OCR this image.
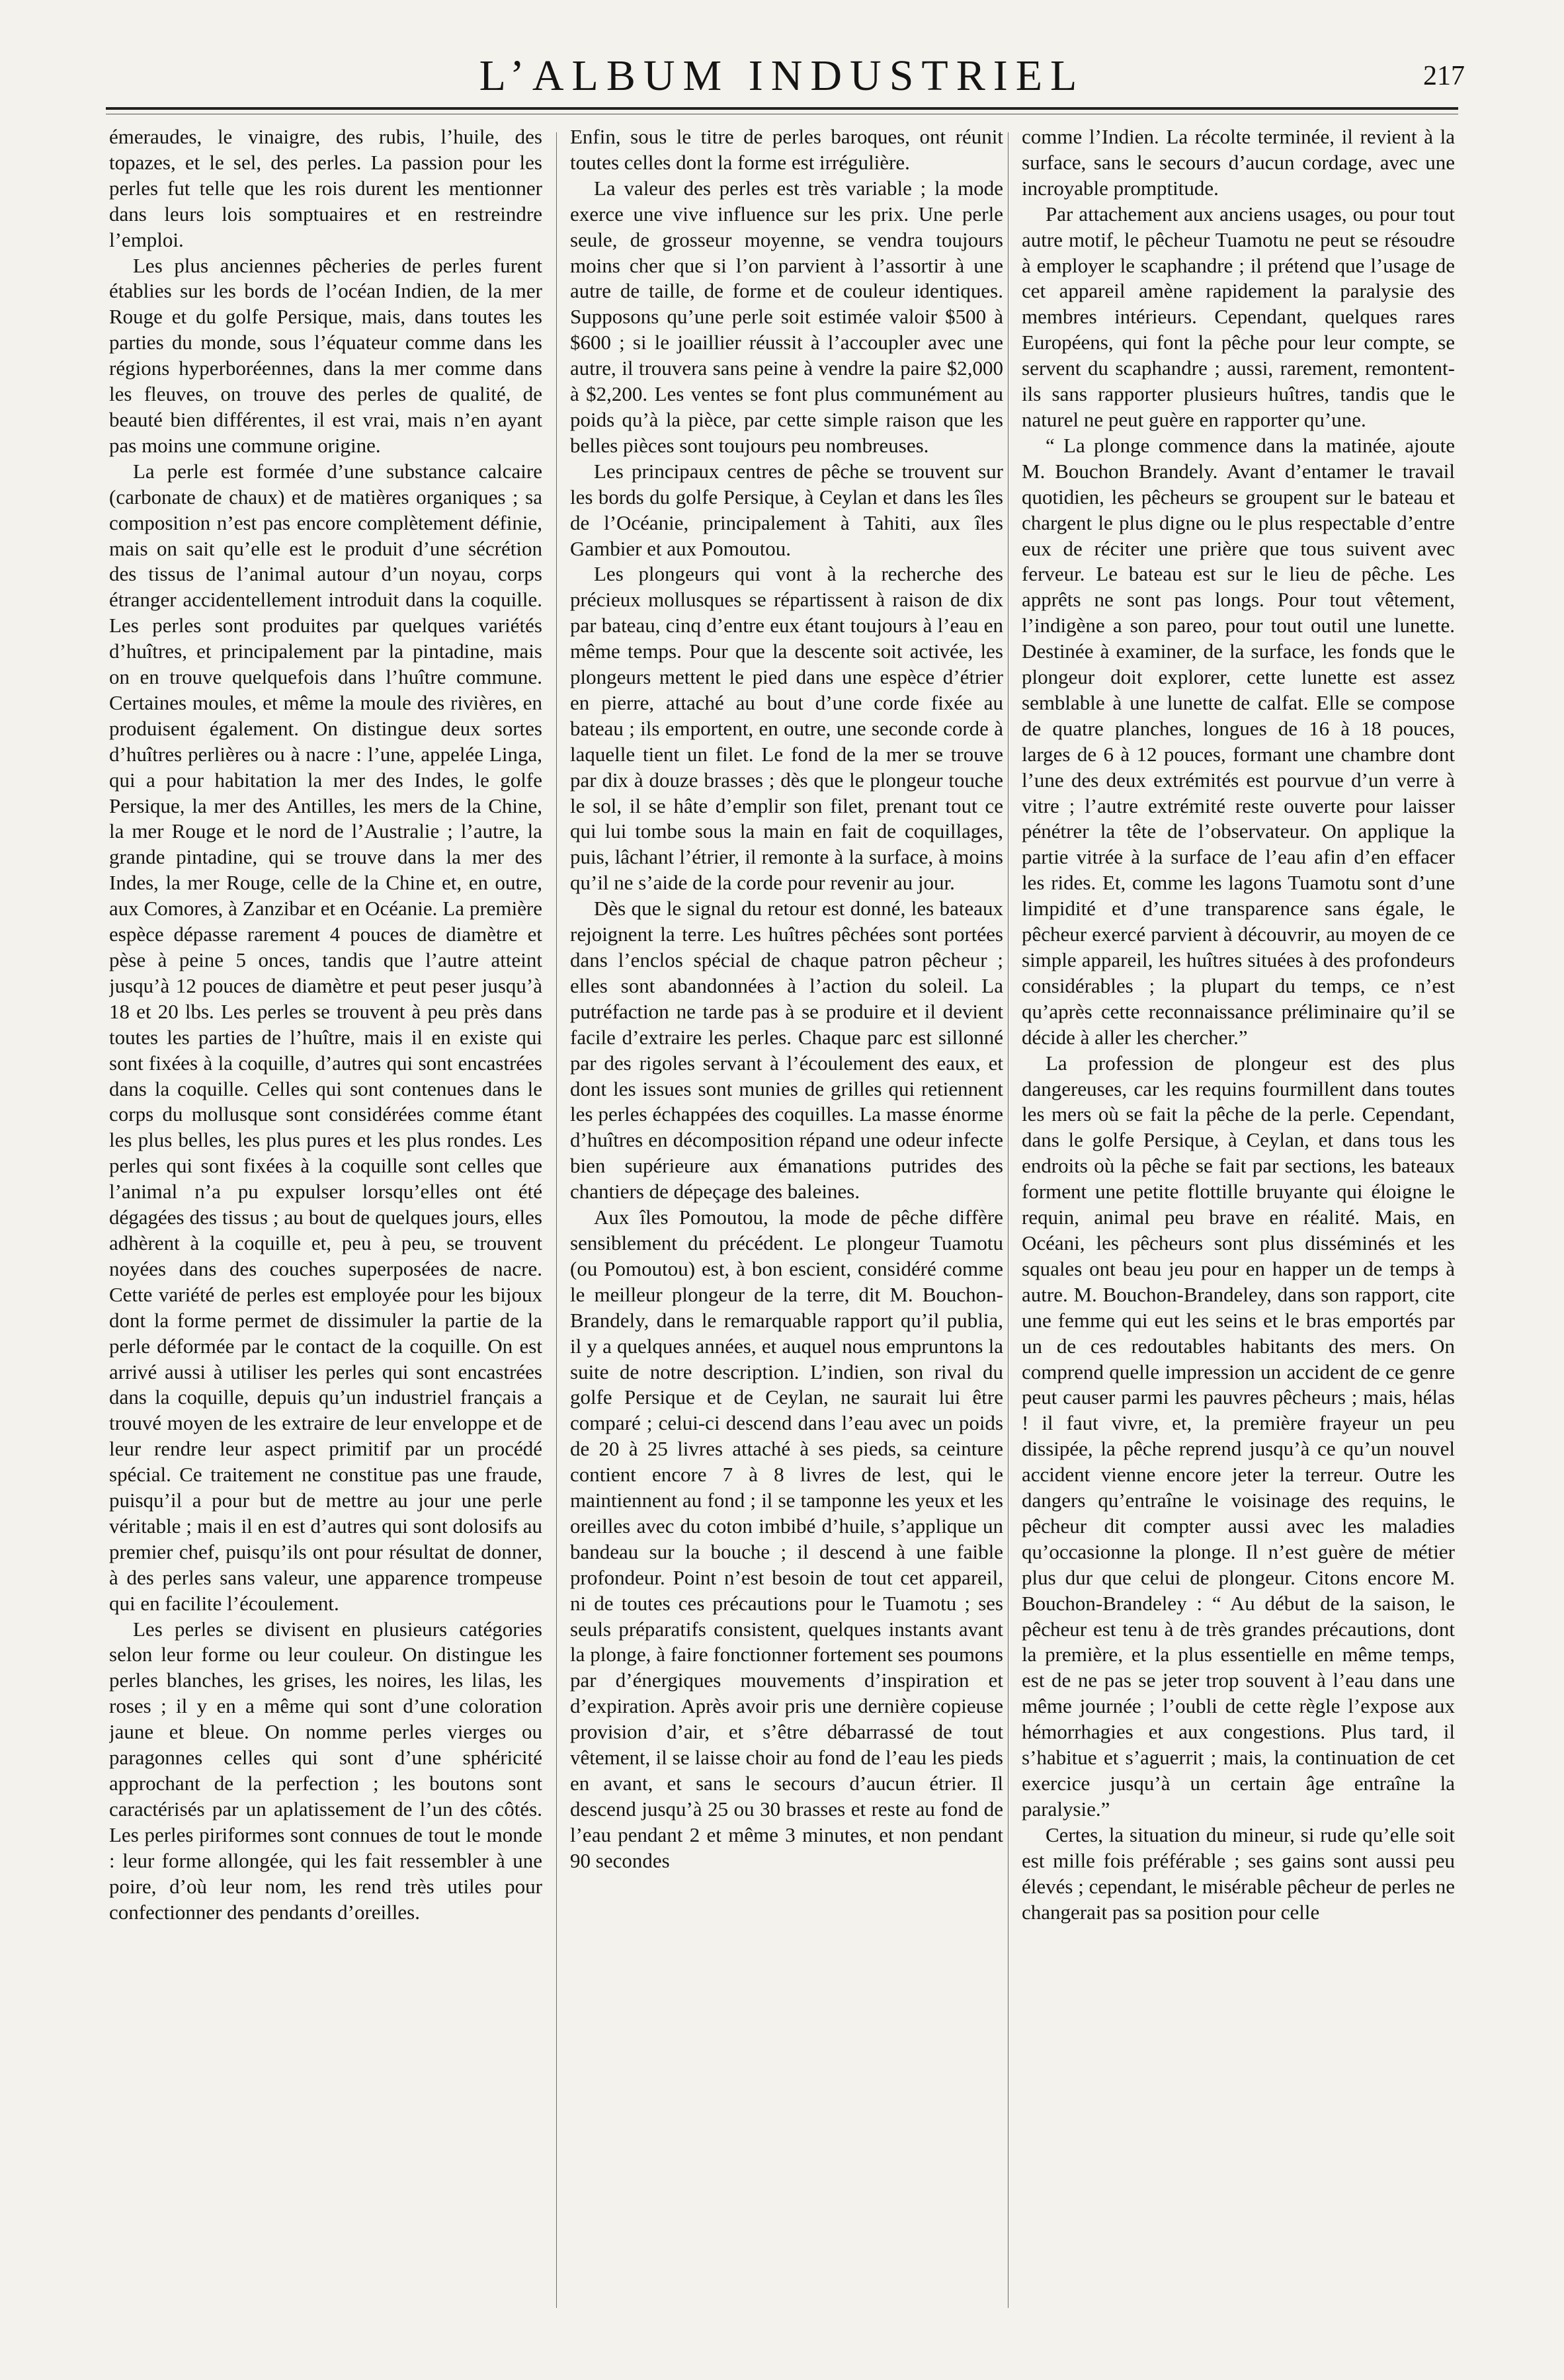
L’ALBUM INDUSTRIEL	217

émeraudes, le vinaigre, des rubis, l’huile, des topazes, et le sel, des perles. La passion pour les perles fut telle que les rois durent les mentionner dans leurs lois somptuaires et en restreindre l’emploi.

Les plus anciennes pêcheries de perles furent établies sur les bords de l’océan Indien, de la mer Rouge et du golfe Persique, mais, dans toutes les parties du monde, sous l’équateur comme dans les régions hyperboréennes, dans la mer comme dans les fleuves, on trouve des perles de qualité, de beauté bien différentes, il est vrai, mais n’en ayant pas moins une commune origine.

La perle est formée d’une substance calcaire (carbonate de chaux) et de matières organiques ; sa composition n’est pas encore complètement définie, mais on sait qu’elle est le produit d’une sécrétion des tissus de l’animal autour d’un noyau, corps étranger accidentellement introduit dans la coquille. Les perles sont produites par quelques variétés d’huîtres, et principalement par la pintadine, mais on en trouve quelquefois dans l’huître commune. Certaines moules, et même la moule des rivières, en produisent également. On distingue deux sortes d’huîtres perlières ou à nacre : l’une, appelée Linga, qui a pour habitation la mer des Indes, le golfe Persique, la mer des Antilles, les mers de la Chine, la mer Rouge et le nord de l’Australie ; l’autre, la grande pintadine, qui se trouve dans la mer des Indes, la mer Rouge, celle de la Chine et, en outre, aux Comores, à Zanzibar et en Océanie. La première espèce dépasse rarement 4 pouces de diamètre et pèse à peine 5 onces, tandis que l’autre atteint jusqu’à 12 pouces de diamètre et peut peser jusqu’à 18 et 20 lbs. Les perles se trouvent à peu près dans toutes les parties de l’huître, mais il en existe qui sont fixées à la coquille, d’autres qui sont encastrées dans la coquille. Celles qui sont contenues dans le corps du mollusque sont considérées comme étant les plus belles, les plus pures et les plus rondes. Les perles qui sont fixées à la coquille sont celles que l’animal n’a pu expulser lorsqu’elles ont été dégagées des tissus ; au bout de quelques jours, elles adhèrent à la coquille et, peu à peu, se trouvent noyées dans des couches superposées de nacre. Cette variété de perles est employée pour les bijoux dont la forme permet de dissimuler la partie de la perle déformée par le contact de la coquille. On est arrivé aussi à utiliser les perles qui sont encastrées dans la coquille, depuis qu’un industriel français a trouvé moyen de les extraire de leur enveloppe et de leur rendre leur aspect primitif par un procédé spécial. Ce traitement ne constitue pas une fraude, puisqu’il a pour but de mettre au jour une perle véritable ; mais il en est d’autres qui sont dolosifs au premier chef, puisqu’ils ont pour résultat de donner, à des perles sans valeur, une apparence trompeuse qui en facilite l’écoulement.

Les perles se divisent en plusieurs catégories selon leur forme ou leur couleur. On distingue les perles blanches, les grises, les noires, les lilas, les roses ; il y en a même qui sont d’une coloration jaune et bleue. On nomme perles vierges ou paragonnes celles qui sont d’une sphéricité approchant de la perfection ; les boutons sont caractérisés par un aplatissement de l’un des côtés. Les perles piriformes sont connues de tout le monde : leur forme allongée, qui les fait ressembler à une poire, d’où leur nom, les rend très utiles pour confectionner des pendants d’oreilles.

Enfin, sous le titre de perles baroques, ont réunit toutes celles dont la forme est irrégulière.

La valeur des perles est très variable ; la mode exerce une vive influence sur les prix. Une perle seule, de grosseur moyenne, se vendra toujours moins cher que si l’on parvient à l’assortir à une autre de taille, de forme et de couleur identiques. Supposons qu’une perle soit estimée valoir $500 à $600 ; si le joaillier réussit à l’accoupler avec une autre, il trouvera sans peine à vendre la paire $2,000 à $2,200. Les ventes se font plus communément au poids qu’à la pièce, par cette simple raison que les belles pièces sont toujours peu nombreuses.

Les principaux centres de pêche se trouvent sur les bords du golfe Persique, à Ceylan et dans les îles de l’Océanie, principalement à Tahiti, aux îles Gambier et aux Pomoutou.

Les plongeurs qui vont à la recherche des précieux mollusques se répartissent à raison de dix par bateau, cinq d’entre eux étant toujours à l’eau en même temps. Pour que la descente soit activée, les plongeurs mettent le pied dans une espèce d’étrier en pierre, attaché au bout d’une corde fixée au bateau ; ils emportent, en outre, une seconde corde à laquelle tient un filet. Le fond de la mer se trouve par dix à douze brasses ; dès que le plongeur touche le sol, il se hâte d’emplir son filet, prenant tout ce qui lui tombe sous la main en fait de coquillages, puis, lâchant l’étrier, il remonte à la surface, à moins qu’il ne s’aide de la corde pour revenir au jour.

Dès que le signal du retour est donné, les bateaux rejoignent la terre. Les huîtres pêchées sont portées dans l’enclos spécial de chaque patron pêcheur ; elles sont abandonnées à l’action du soleil. La putréfaction ne tarde pas à se produire et il devient facile d’extraire les perles. Chaque parc est sillonné par des rigoles servant à l’écoulement des eaux, et dont les issues sont munies de grilles qui retiennent les perles échappées des coquilles. La masse énorme d’huîtres en décomposition répand une odeur infecte bien supérieure aux émanations putrides des chantiers de dépeçage des baleines.

Aux îles Pomoutou, la mode de pêche diffère sensiblement du précédent. Le plongeur Tuamotu (ou Pomoutou) est, à bon escient, considéré comme le meilleur plongeur de la terre, dit M. Bouchon-Brandely, dans le remarquable rapport qu’il publia, il y a quelques années, et auquel nous empruntons la suite de notre description. L’indien, son rival du golfe Persique et de Ceylan, ne saurait lui être comparé ; celui-ci descend dans l’eau avec un poids de 20 à 25 livres attaché à ses pieds, sa ceinture contient encore 7 à 8 livres de lest, qui le maintiennent au fond ; il se tamponne les yeux et les oreilles avec du coton imbibé d’huile, s’applique un bandeau sur la bouche ; il descend à une faible profondeur. Point n’est besoin de tout cet appareil, ni de toutes ces précautions pour le Tuamotu ; ses seuls préparatifs consistent, quelques instants avant la plonge, à faire fonctionner fortement ses poumons par d’énergiques mouvements d’inspiration et d’expiration. Après avoir pris une dernière copieuse provision d’air, et s’être débarrassé de tout vêtement, il se laisse choir au fond de l’eau les pieds en avant, et sans le secours d’aucun étrier. Il descend jusqu’à 25 ou 30 brasses et reste au fond de l’eau pendant 2 et même 3 minutes, et non pendant 90 secondes

comme l’Indien. La récolte terminée, il revient à la surface, sans le secours d’aucun cordage, avec une incroyable promptitude.

Par attachement aux anciens usages, ou pour tout autre motif, le pêcheur Tuamotu ne peut se résoudre à employer le scaphandre ; il prétend que l’usage de cet appareil amène rapidement la paralysie des membres intérieurs. Cependant, quelques rares Européens, qui font la pêche pour leur compte, se servent du scaphandre ; aussi, rarement, remontent-ils sans rapporter plusieurs huîtres, tandis que le naturel ne peut guère en rapporter qu’une.

“ La plonge commence dans la matinée, ajoute M. Bouchon Brandely. Avant d’entamer le travail quotidien, les pêcheurs se groupent sur le bateau et chargent le plus digne ou le plus respectable d’entre eux de réciter une prière que tous suivent avec ferveur. Le bateau est sur le lieu de pêche. Les apprêts ne sont pas longs. Pour tout vêtement, l’indigène a son pareo, pour tout outil une lunette. Destinée à examiner, de la surface, les fonds que le plongeur doit explorer, cette lunette est assez semblable à une lunette de calfat. Elle se compose de quatre planches, longues de 16 à 18 pouces, larges de 6 à 12 pouces, formant une chambre dont l’une des deux extrémités est pourvue d’un verre à vitre ; l’autre extrémité reste ouverte pour laisser pénétrer la tête de l’observateur. On applique la partie vitrée à la surface de l’eau afin d’en effacer les rides. Et, comme les lagons Tuamotu sont d’une limpidité et d’une transparence sans égale, le pêcheur exercé parvient à découvrir, au moyen de ce simple appareil, les huîtres situées à des profondeurs considérables ; la plupart du temps, ce n’est qu’après cette reconnaissance préliminaire qu’il se décide à aller les chercher.”

La profession de plongeur est des plus dangereuses, car les requins fourmillent dans toutes les mers où se fait la pêche de la perle. Cependant, dans le golfe Persique, à Ceylan, et dans tous les endroits où la pêche se fait par sections, les bateaux forment une petite flottille bruyante qui éloigne le requin, animal peu brave en réalité. Mais, en Océani, les pêcheurs sont plus disséminés et les squales ont beau jeu pour en happer un de temps à autre. M. Bouchon-Brandeley, dans son rapport, cite une femme qui eut les seins et le bras emportés par un de ces redoutables habitants des mers. On comprend quelle impression un accident de ce genre peut causer parmi les pauvres pêcheurs ; mais, hélas ! il faut vivre, et, la première frayeur un peu dissipée, la pêche reprend jusqu’à ce qu’un nouvel accident vienne encore jeter la terreur. Outre les dangers qu’entraîne le voisinage des requins, le pêcheur dit compter aussi avec les maladies qu’occasionne la plonge. Il n’est guère de métier plus dur que celui de plongeur. Citons encore M. Bouchon-Brandeley : “ Au début de la saison, le pêcheur est tenu à de très grandes précautions, dont la première, et la plus essentielle en même temps, est de ne pas se jeter trop souvent à l’eau dans une même journée ; l’oubli de cette règle l’expose aux hémorrhagies et aux congestions. Plus tard, il s’habitue et s’aguerrit ; mais, la continuation de cet exercice jusqu’à un certain âge entraîne la paralysie.”

Certes, la situation du mineur, si rude qu’elle soit est mille fois préférable ; ses gains sont aussi peu élevés ; cependant, le misérable pêcheur de perles ne changerait pas sa position pour celle
